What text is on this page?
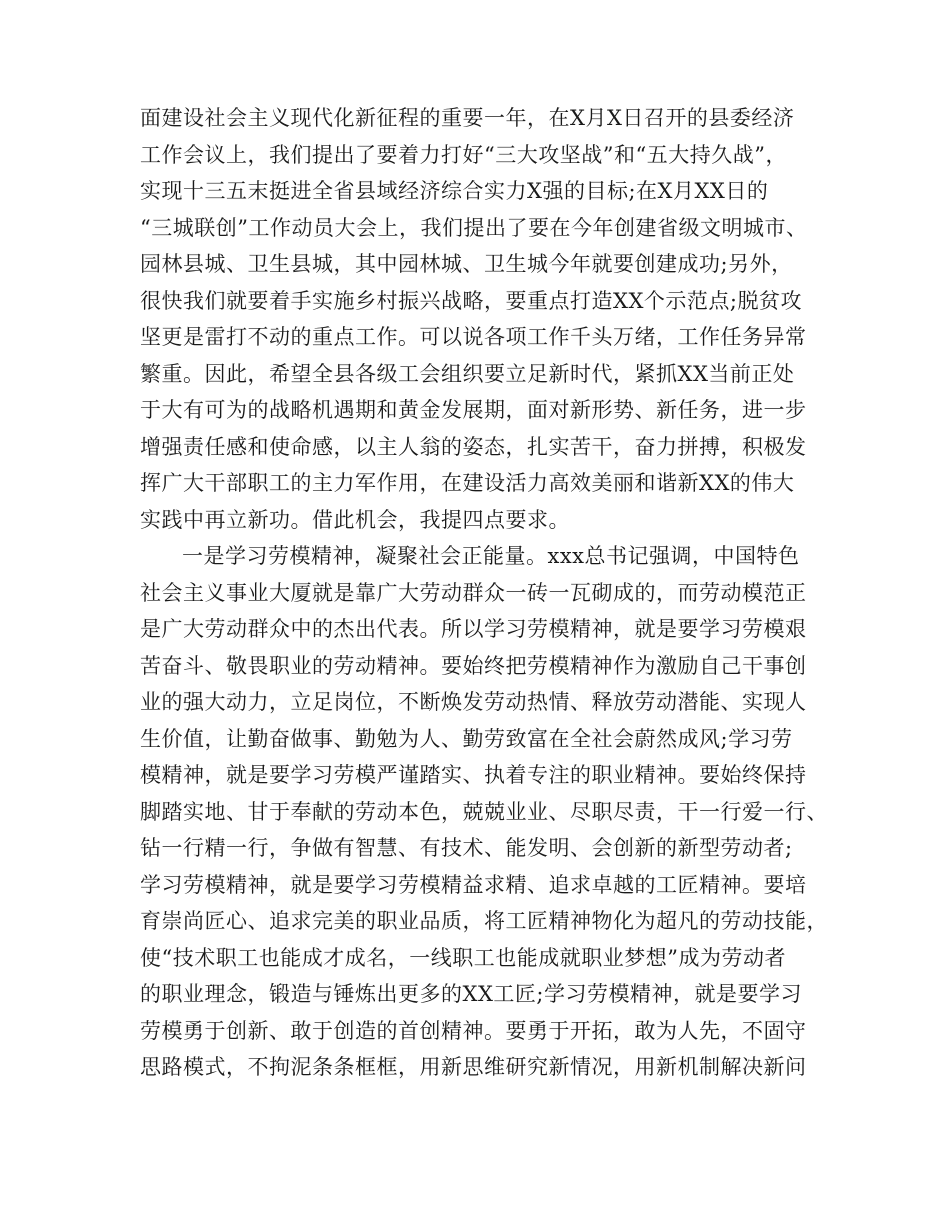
面建设社会主义现代化新征程的重要一年，在X月X日召开的县委经济
工作会议上，我们提出了要着力打好“三大攻坚战”和“五大持久战”，
实现十三五末挺进全省县域经济综合实力X强的目标;在X月XX日的
“三城联创”工作动员大会上，我们提出了要在今年创建省级文明城市、
园林县城、卫生县城，其中园林城、卫生城今年就要创建成功;另外，
很快我们就要着手实施乡村振兴战略，要重点打造XX个示范点;脱贫攻
坚更是雷打不动的重点工作。可以说各项工作千头万绪，工作任务异常
繁重。因此，希望全县各级工会组织要立足新时代，紧抓XX当前正处
于大有可为的战略机遇期和黄金发展期，面对新形势、新任务，进一步
增强责任感和使命感，以主人翁的姿态，扎实苦干，奋力拼搏，积极发
挥广大干部职工的主力军作用，在建设活力高效美丽和谐新XX的伟大
实践中再立新功。借此机会，我提四点要求。
一是学习劳模精神，凝聚社会正能量。xxx总书记强调，中国特色
社会主义事业大厦就是靠广大劳动群众一砖一瓦砌成的，而劳动模范正
是广大劳动群众中的杰出代表。所以学习劳模精神，就是要学习劳模艰
苦奋斗、敬畏职业的劳动精神。要始终把劳模精神作为激励自己干事创
业的强大动力，立足岗位，不断焕发劳动热情、释放劳动潜能、实现人
生价值，让勤奋做事、勤勉为人、勤劳致富在全社会蔚然成风;学习劳
模精神，就是要学习劳模严谨踏实、执着专注的职业精神。要始终保持
脚踏实地、甘于奉献的劳动本色，兢兢业业、尽职尽责，干一行爱一行、
钻一行精一行，争做有智慧、有技术、能发明、会创新的新型劳动者;
学习劳模精神，就是要学习劳模精益求精、追求卓越的工匠精神。要培
育崇尚匠心、追求完美的职业品质，将工匠精神物化为超凡的劳动技能，
使“技术职工也能成才成名，一线职工也能成就职业梦想”成为劳动者
的职业理念，锻造与锤炼出更多的XX工匠;学习劳模精神，就是要学习
劳模勇于创新、敢于创造的首创精神。要勇于开拓，敢为人先，不固守
思路模式，不拘泥条条框框，用新思维研究新情况，用新机制解决新问
